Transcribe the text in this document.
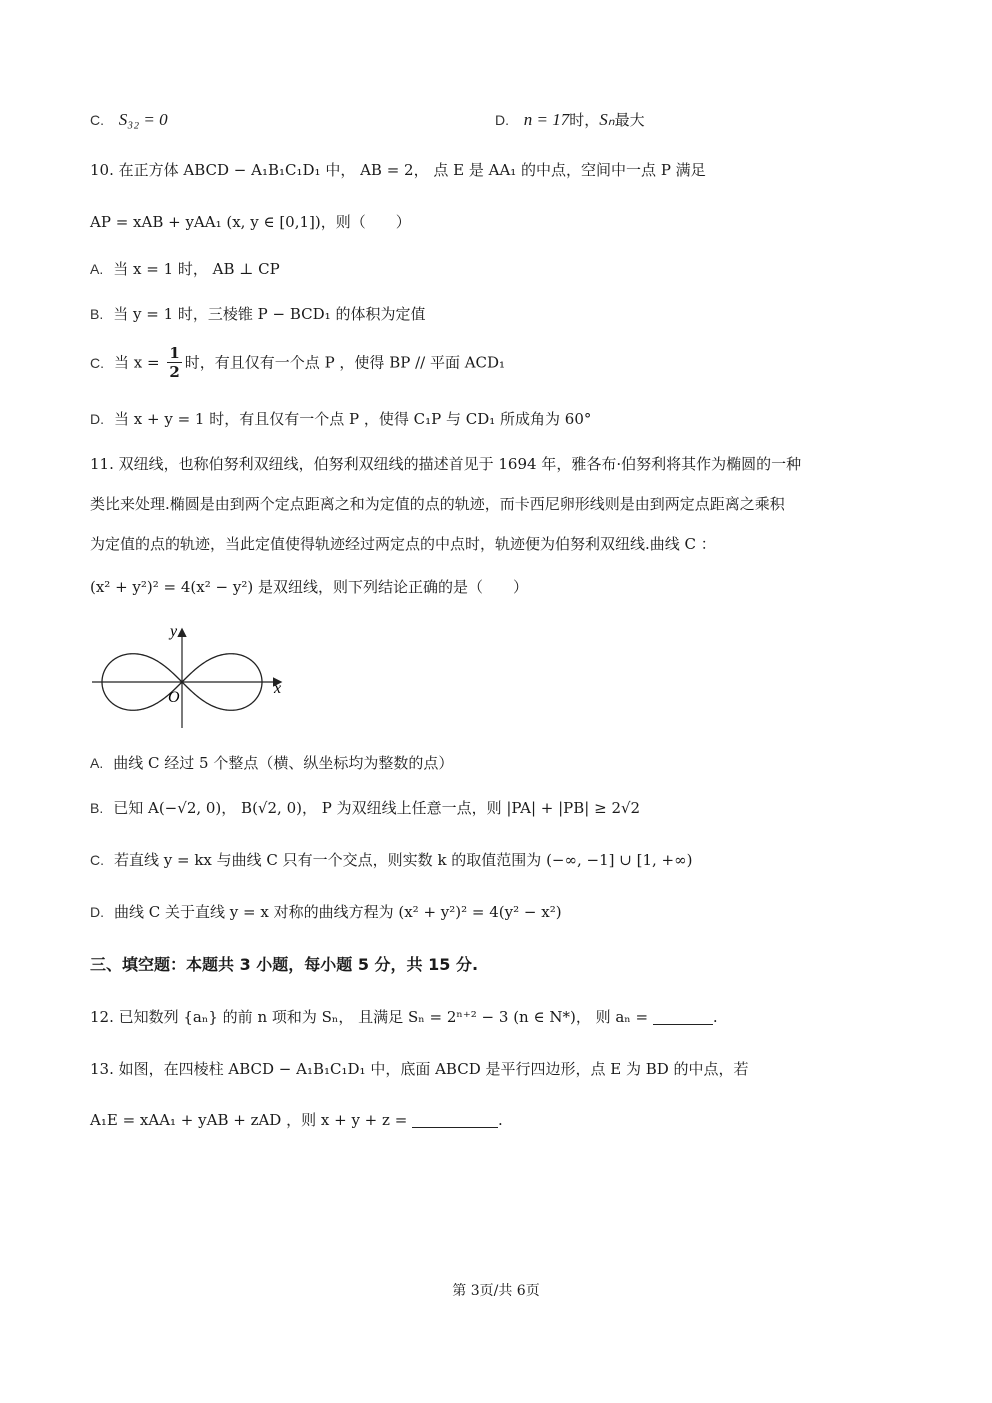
C. S₃₂ = 0	D. n = 17时，Sₙ最大
10. 在正方体 ABCD − A₁B₁C₁D₁ 中， AB = 2， 点 E 是 AA₁ 的中点，空间中一点 P 满足
AP = xAB + yAA₁ (x, y ∈ [0,1])，则（　　）
A. 当 x = 1 时， AB ⊥ CP
B. 当 y = 1 时，三棱锥 P − BCD₁ 的体积为定值
C. 当 $x = \frac{1}{2}$ 时，有且仅有一个点 P ，使得 BP // 平面 ACD₁
D. 当 x + y = 1 时，有且仅有一个点 P ，使得 C₁P 与 CD₁ 所成角为 60°
11. 双纽线，也称伯努利双纽线，伯努利双纽线的描述首见于 1694 年，雅各布·伯努利将其作为椭圆的一种
类比来处理.椭圆是由到两个定点距离之和为定值的点的轨迹，而卡西尼卵形线则是由到两定点距离之乘积
为定值的点的轨迹，当此定值使得轨迹经过两定点的中点时，轨迹便为伯努利双纽线.曲线 C ：
(x² + y²)² = 4(x² − y²) 是双纽线，则下列结论正确的是（　　）
y
x
O
A. 曲线 C 经过 5 个整点（横、纵坐标均为整数的点）
B. 已知 A(−√2, 0)， B(√2, 0)， P 为双纽线上任意一点，则 |PA| + |PB| ≥ 2√2
C. 若直线 y = kx 与曲线 C 只有一个交点，则实数 k 的取值范围为 (−∞, −1] ∪ [1, +∞)
D. 曲线 C 关于直线 y = x 对称的曲线方程为 (x² + y²)² = 4(y² − x²)
三、填空题：本题共 3 小题，每小题 5 分，共 15 分.
12. 已知数列 {aₙ} 的前 n 项和为 Sₙ， 且满足 Sₙ = 2ⁿ⁺² − 3 (n ∈ N*)， 则 aₙ =	.
13. 如图，在四棱柱 ABCD − A₁B₁C₁D₁ 中，底面 ABCD 是平行四边形，点 E 为 BD 的中点，若
A₁E = xAA₁ + yAB + zAD ，则 x + y + z =	.
第 3页/共 6页
